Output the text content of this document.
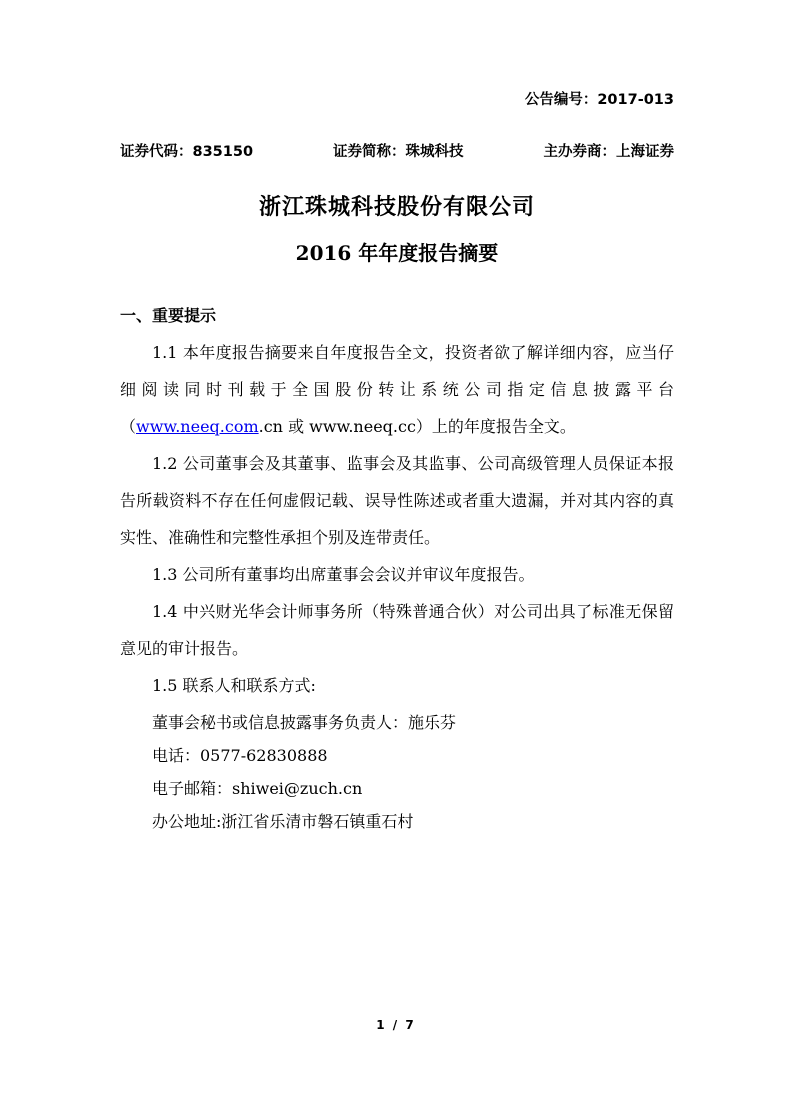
公告编号：2017-013
证券代码：835150	证券简称：珠城科技	主办券商：上海证券
浙江珠城科技股份有限公司
2016 年年度报告摘要
一、重要提示

1.1 本年度报告摘要来自年度报告全文，投资者欲了解详细内容，应当仔细阅读同时刊载于全国股份转让系统公司指定信息披露平台（www.neeq.com.cn 或 www.neeq.cc）上的年度报告全文。

1.2 公司董事会及其董事、监事会及其监事、公司高级管理人员保证本报告所载资料不存在任何虚假记载、误导性陈述或者重大遗漏，并对其内容的真实性、准确性和完整性承担个别及连带责任。

1.3 公司所有董事均出席董事会会议并审议年度报告。

1.4 中兴财光华会计师事务所（特殊普通合伙）对公司出具了标准无保留意见的审计报告。

1.5 联系人和联系方式:

董事会秘书或信息披露事务负责人：施乐芬
电话：0577-62830888
电子邮箱：shiwei@zuch.cn
办公地址:浙江省乐清市磐石镇重石村
1 / 7
